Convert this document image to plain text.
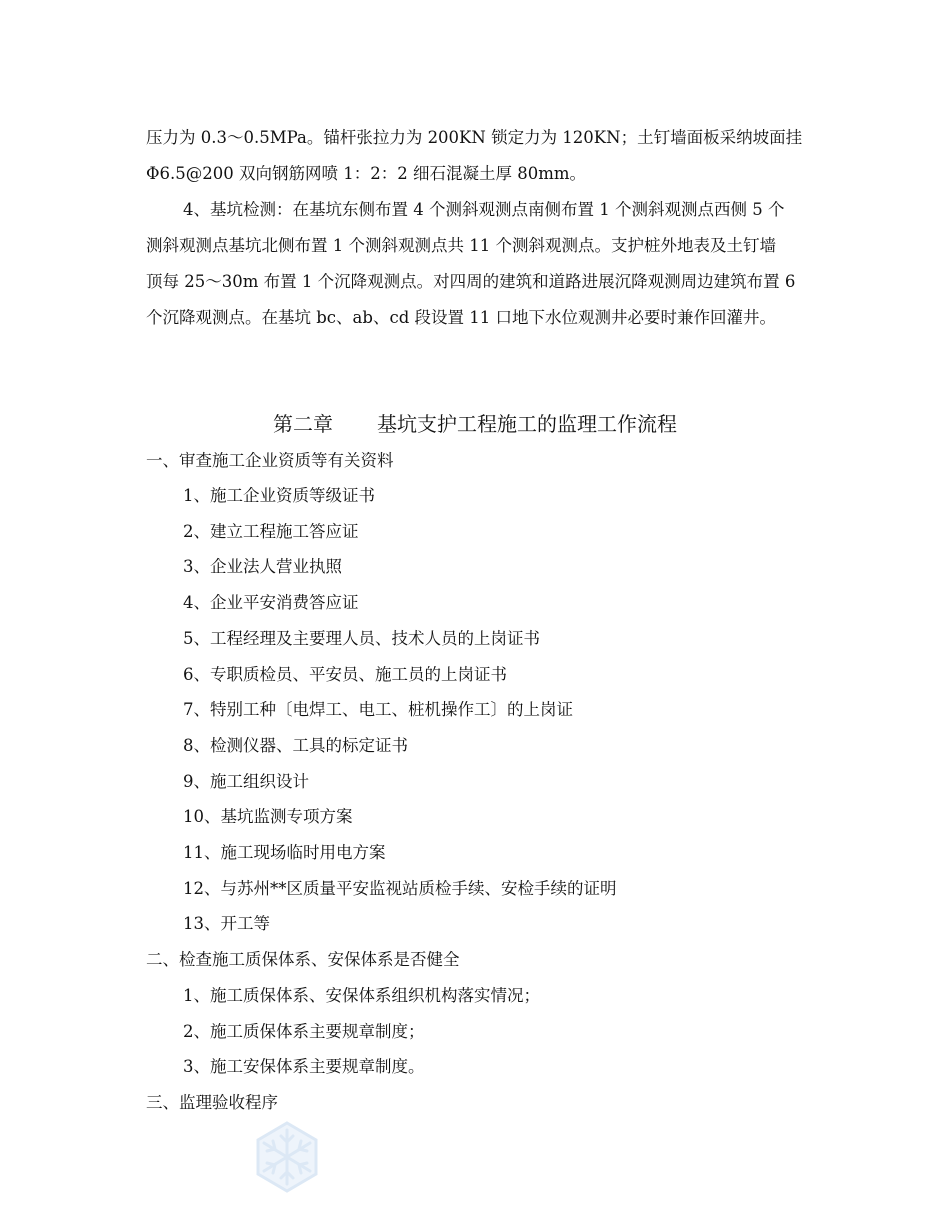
压力为 0.3～0.5MPa。锚杆张拉力为 200KN 锁定力为 120KN；土钉墙面板采纳坡面挂
Φ6.5@200 双向钢筋网喷 1：2：2 细石混凝土厚 80mm。
4、基坑检测：在基坑东侧布置 4 个测斜观测点南侧布置 1 个测斜观测点西侧 5 个
测斜观测点基坑北侧布置 1 个测斜观测点共 11 个测斜观测点。支护桩外地表及土钉墙
顶每 25～30m 布置 1 个沉降观测点。对四周的建筑和道路进展沉降观测周边建筑布置 6
个沉降观测点。在基坑 bc、ab、cd 段设置 11 口地下水位观测井必要时兼作回灌井。
第二章 基坑支护工程施工的监理工作流程
一、审查施工企业资质等有关资料
1、施工企业资质等级证书
2、建立工程施工答应证
3、企业法人营业执照
4、企业平安消费答应证
5、工程经理及主要理人员、技术人员的上岗证书
6、专职质检员、平安员、施工员的上岗证书
7、特别工种〔电焊工、电工、桩机操作工〕的上岗证
8、检测仪器、工具的标定证书
9、施工组织设计
10、基坑监测专项方案
11、施工现场临时用电方案
12、与苏州**区质量平安监视站质检手续、安检手续的证明
13、开工等
二、检查施工质保体系、安保体系是否健全
1、施工质保体系、安保体系组织机构落实情况；
2、施工质保体系主要规章制度；
3、施工安保体系主要规章制度。
三、监理验收程序
